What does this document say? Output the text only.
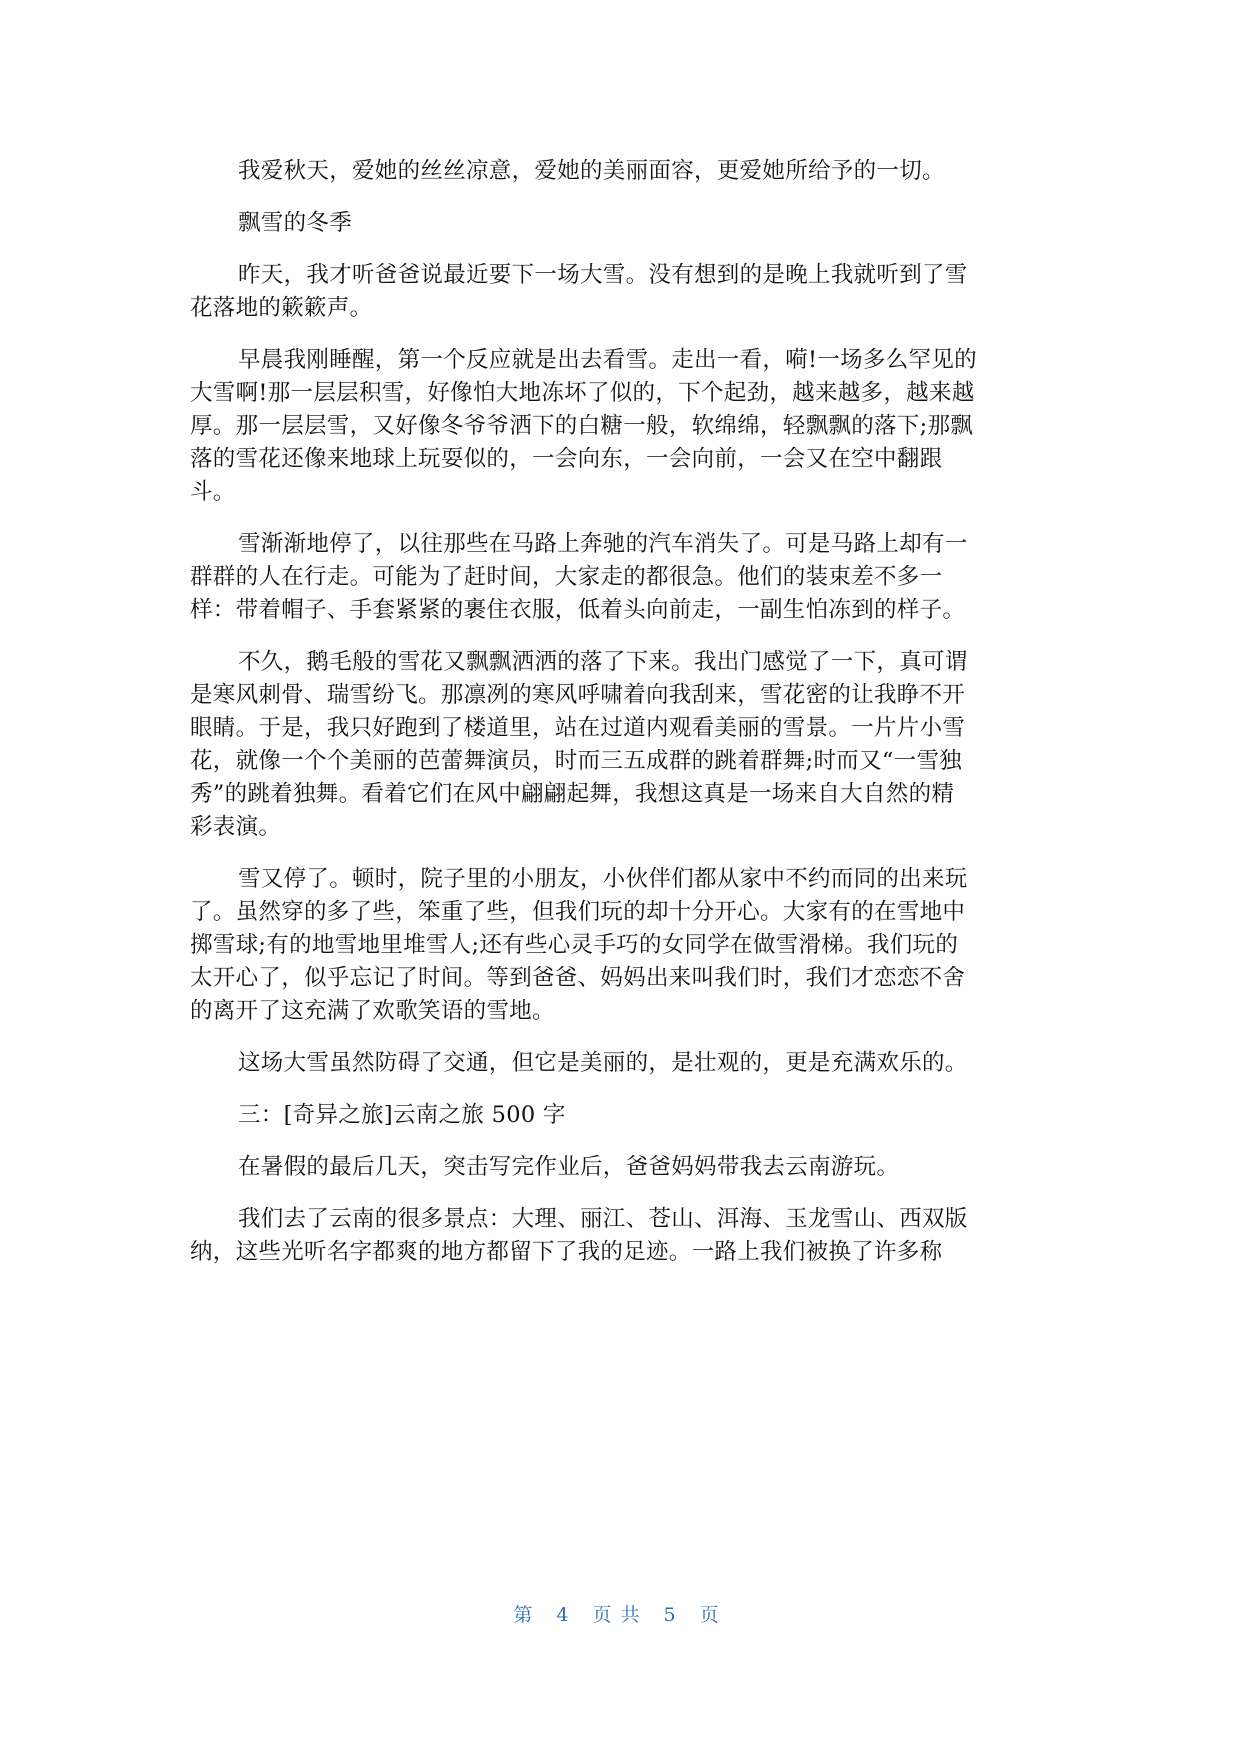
我爱秋天，爱她的丝丝凉意，爱她的美丽面容，更爱她所给予的一切。
飘雪的冬季
昨天，我才听爸爸说最近要下一场大雪。没有想到的是晚上我就听到了雪
花落地的簌簌声。
早晨我刚睡醒，第一个反应就是出去看雪。走出一看，嗬!一场多么罕见的
大雪啊!那一层层积雪，好像怕大地冻坏了似的，下个起劲，越来越多，越来越
厚。那一层层雪，又好像冬爷爷洒下的白糖一般，软绵绵，轻飘飘的落下;那飘
落的雪花还像来地球上玩耍似的，一会向东，一会向前，一会又在空中翻跟
斗。
雪渐渐地停了，以往那些在马路上奔驰的汽车消失了。可是马路上却有一
群群的人在行走。可能为了赶时间，大家走的都很急。他们的装束差不多一
样：带着帽子、手套紧紧的裹住衣服，低着头向前走，一副生怕冻到的样子。
不久，鹅毛般的雪花又飘飘洒洒的落了下来。我出门感觉了一下，真可谓
是寒风刺骨、瑞雪纷飞。那凛冽的寒风呼啸着向我刮来，雪花密的让我睁不开
眼睛。于是，我只好跑到了楼道里，站在过道内观看美丽的雪景。一片片小雪
花，就像一个个美丽的芭蕾舞演员，时而三五成群的跳着群舞;时而又“一雪独
秀”的跳着独舞。看着它们在风中翩翩起舞，我想这真是一场来自大自然的精
彩表演。
雪又停了。顿时，院子里的小朋友，小伙伴们都从家中不约而同的出来玩
了。虽然穿的多了些，笨重了些，但我们玩的却十分开心。大家有的在雪地中
掷雪球;有的地雪地里堆雪人;还有些心灵手巧的女同学在做雪滑梯。我们玩的
太开心了，似乎忘记了时间。等到爸爸、妈妈出来叫我们时，我们才恋恋不舍
的离开了这充满了欢歌笑语的雪地。
这场大雪虽然防碍了交通，但它是美丽的，是壮观的，更是充满欢乐的。
三：[奇异之旅]云南之旅 500 字
在暑假的最后几天，突击写完作业后，爸爸妈妈带我去云南游玩。
我们去了云南的很多景点：大理、丽江、苍山、洱海、玉龙雪山、西双版
纳，这些光听名字都爽的地方都留下了我的足迹。一路上我们被换了许多称
第 4 页共 5 页
